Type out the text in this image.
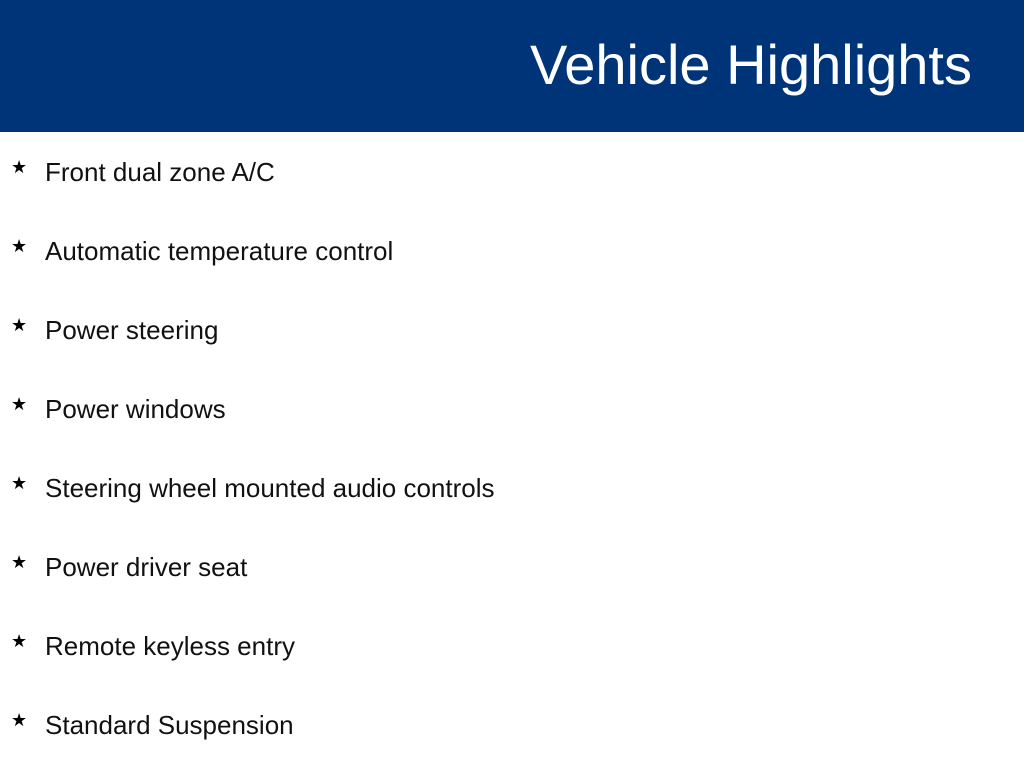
Vehicle Highlights
★ Front dual zone A/C
★ Automatic temperature control
★ Power steering
★ Power windows
★ Steering wheel mounted audio controls
★ Power driver seat
★ Remote keyless entry
★ Standard Suspension
